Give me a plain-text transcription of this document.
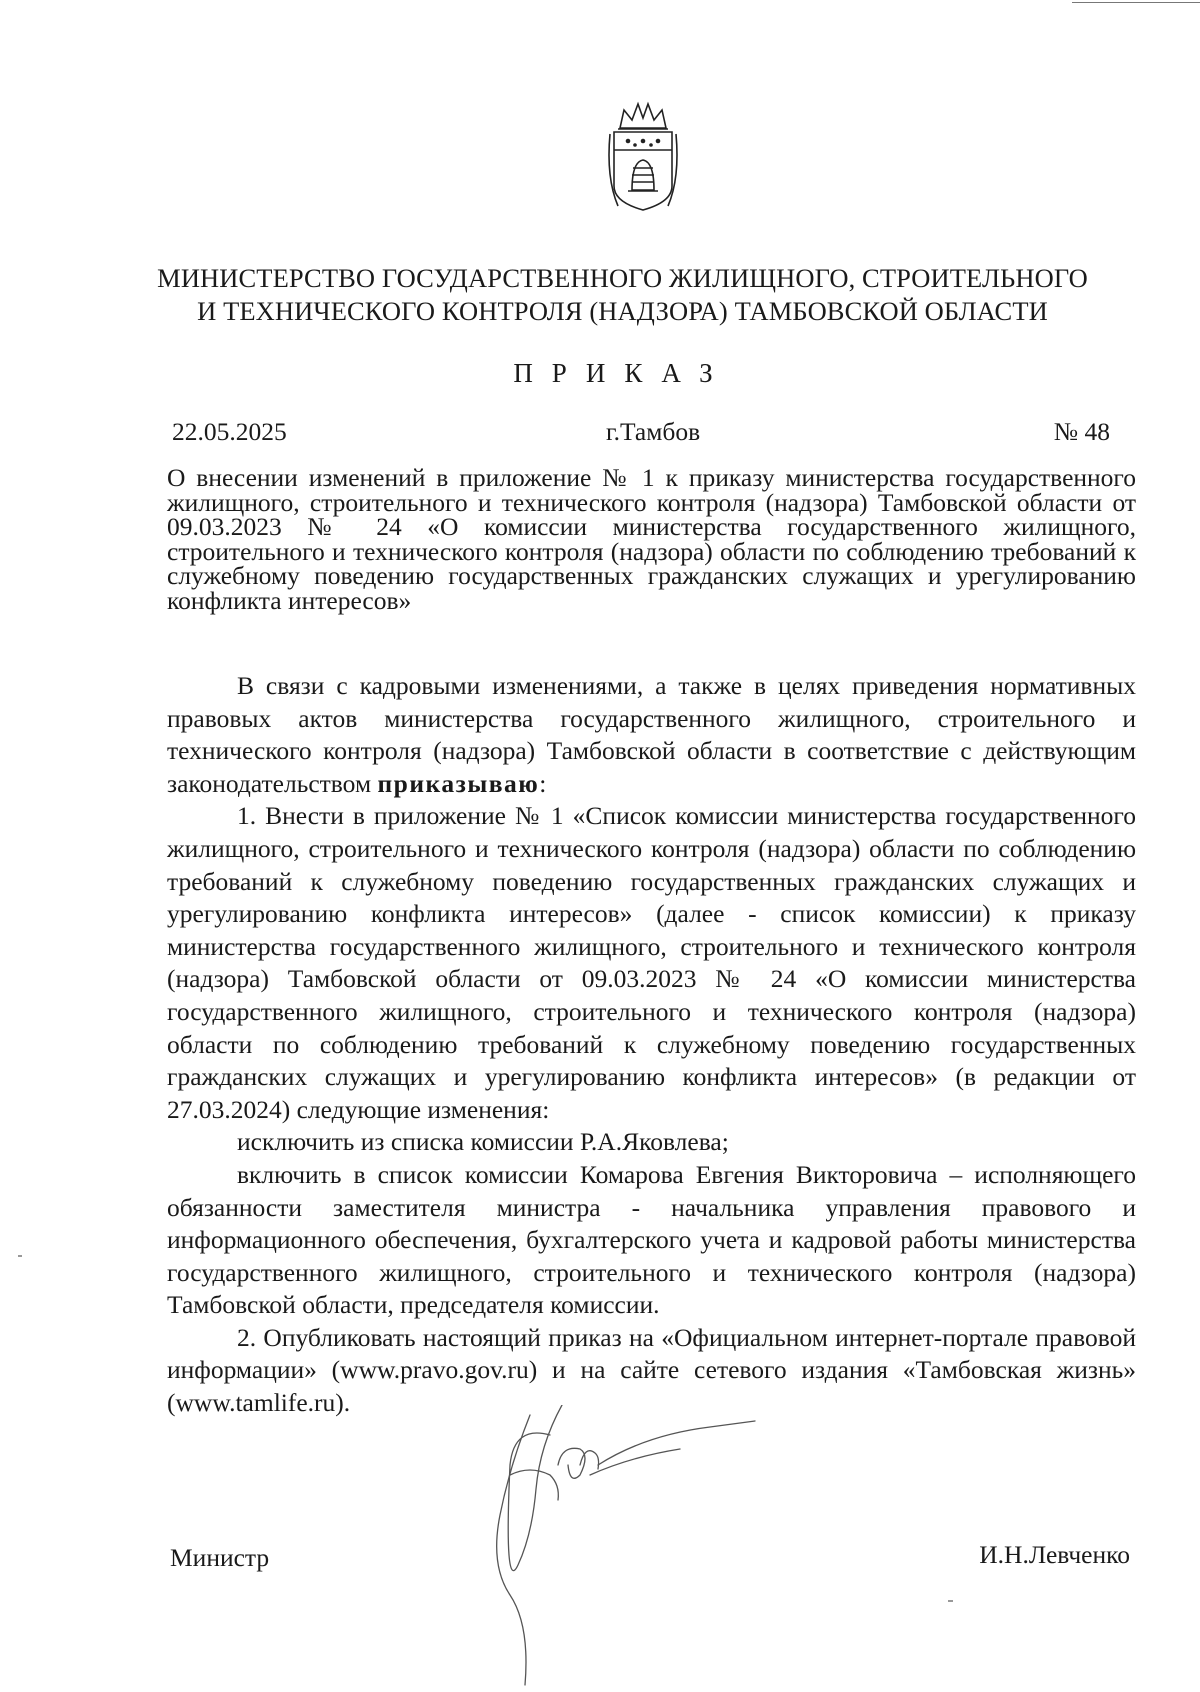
МИНИСТЕРСТВО ГОСУДАРСТВЕННОГО ЖИЛИЩНОГО, СТРОИТЕЛЬНОГО
И ТЕХНИЧЕСКОГО КОНТРОЛЯ (НАДЗОРА) ТАМБОВСКОЙ ОБЛАСТИ
ПРИКАЗ
22.05.2025	г.Тамбов	№ 48
О внесении изменений в приложение № 1 к приказу министерства государственного жилищного, строительного и технического контроля (надзора) Тамбовской области от 09.03.2023 № 24 «О комиссии министерства государственного жилищного, строительного и технического контроля (надзора) области по соблюдению требований к служебному поведению государственных гражданских служащих и урегулированию конфликта интересов»

В связи с кадровыми изменениями, а также в целях приведения нормативных правовых актов министерства государственного жилищного, строительного и технического контроля (надзора) Тамбовской области в соответствие с действующим законодательством приказываю:

1. Внести в приложение № 1 «Список комиссии министерства государственного жилищного, строительного и технического контроля (надзора) области по соблюдению требований к служебному поведению государственных гражданских служащих и урегулированию конфликта интересов» (далее - список комиссии) к приказу министерства государственного жилищного, строительного и технического контроля (надзора) Тамбовской области от 09.03.2023 № 24 «О комиссии министерства государственного жилищного, строительного и технического контроля (надзора) области по соблюдению требований к служебному поведению государственных гражданских служащих и урегулированию конфликта интересов» (в редакции от 27.03.2024) следующие изменения:

исключить из списка комиссии Р.А.Яковлева;

включить в список комиссии Комарова Евгения Викторовича – исполняющего обязанности заместителя министра - начальника управления правового и информационного обеспечения, бухгалтерского учета и кадровой работы министерства государственного жилищного, строительного и технического контроля (надзора) Тамбовской области, председателя комиссии.

2. Опубликовать настоящий приказ на «Официальном интернет-портале правовой информации» (www.pravo.gov.ru) и на сайте сетевого издания «Тамбовская жизнь» (www.tamlife.ru).

Министр	И.Н.Левченко
